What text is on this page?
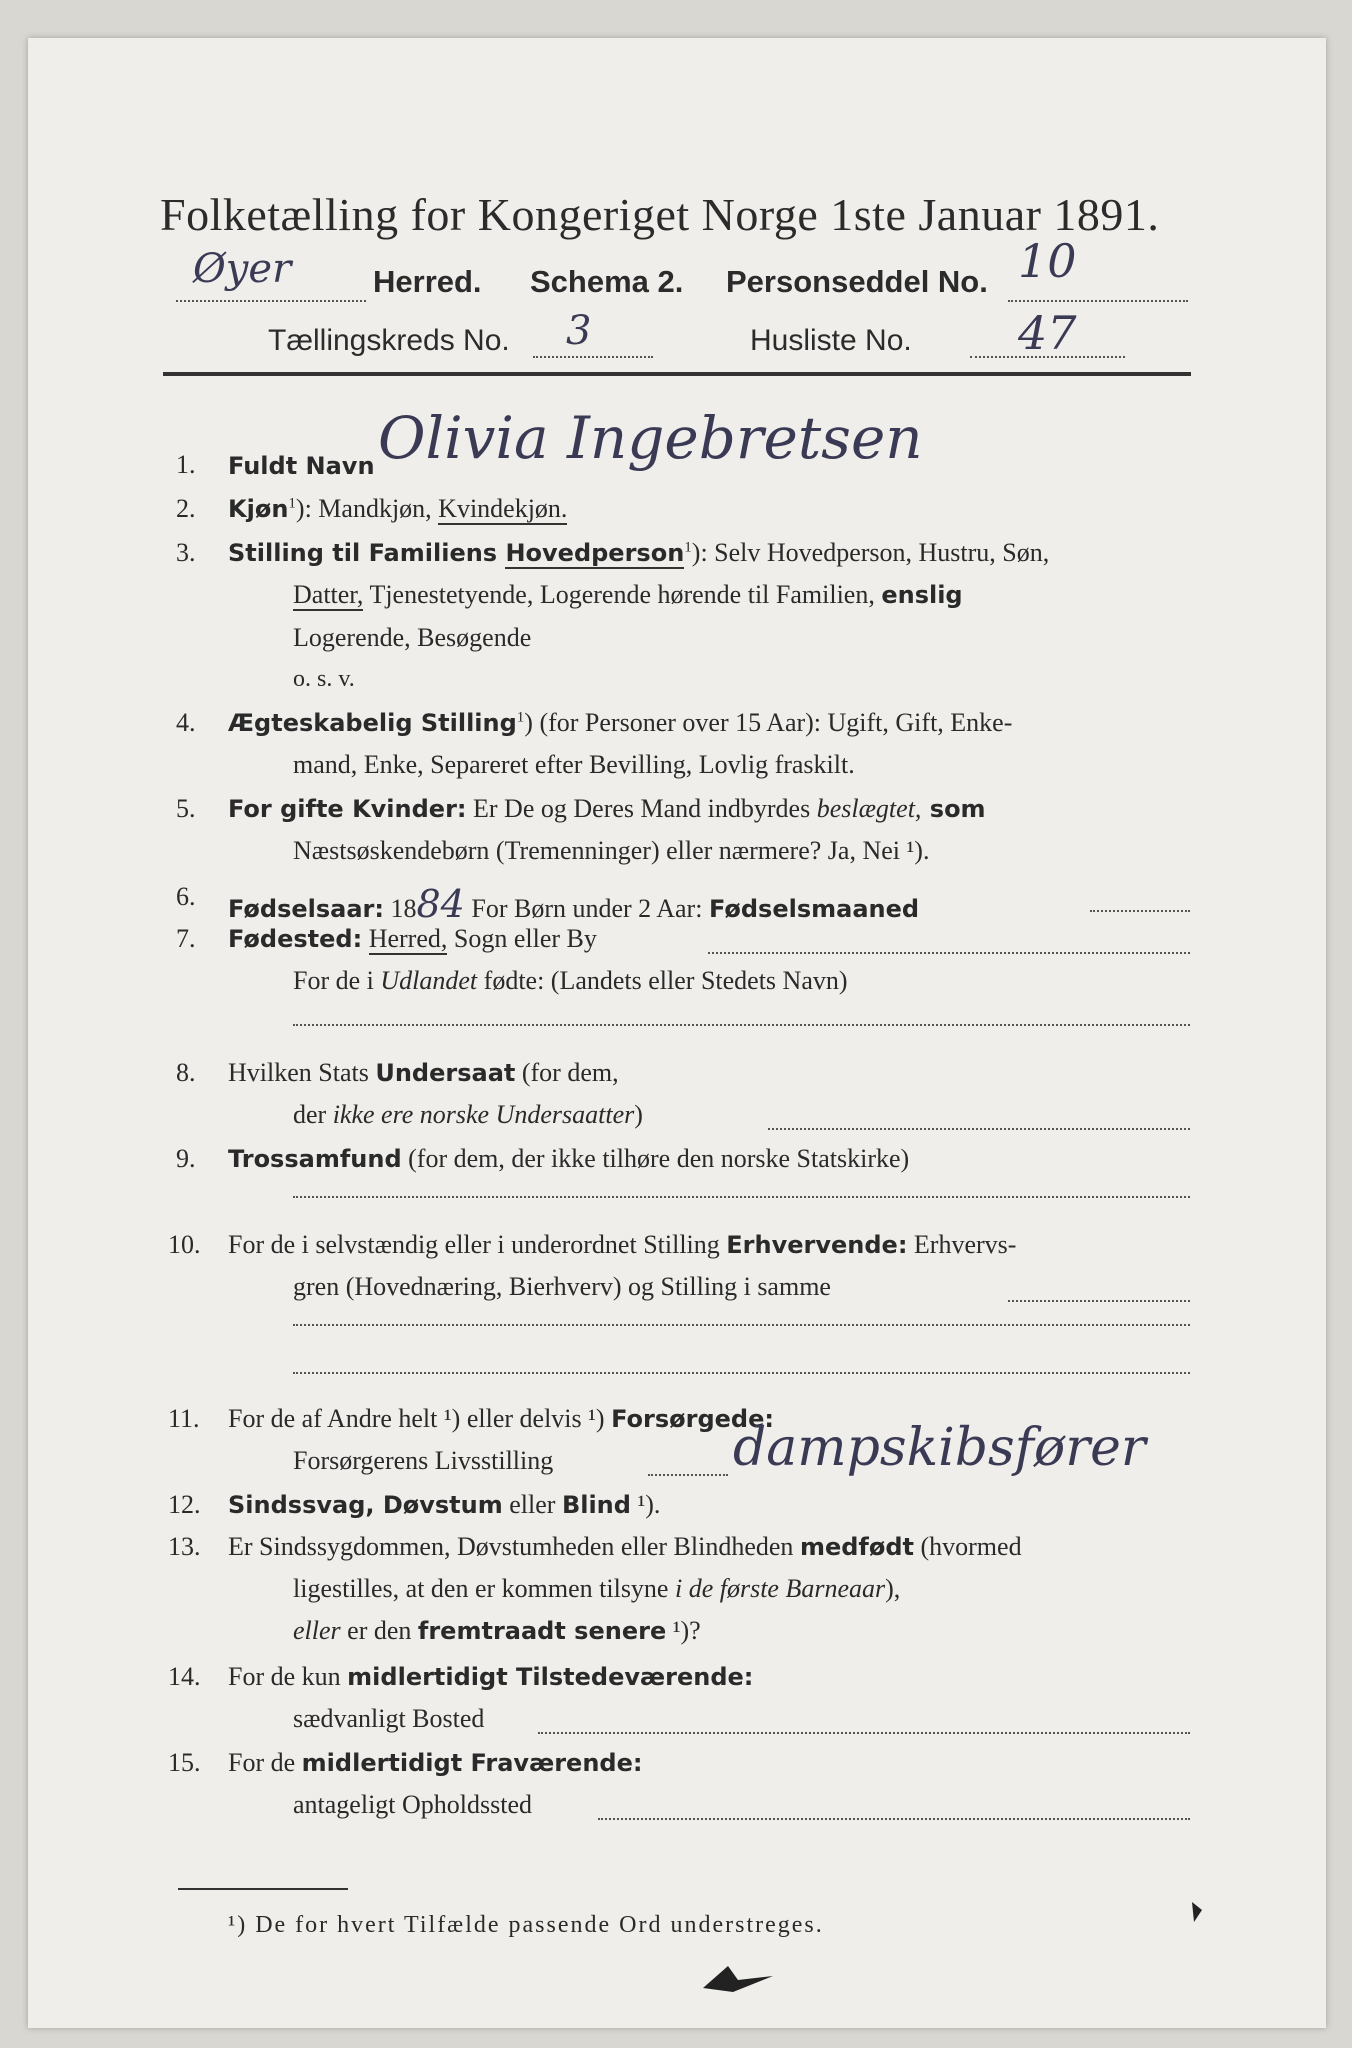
Folketælling for Kongeriget Norge 1ste Januar 1891.
Øyer	Herred. Schema 2. Personseddel No. 10
Tællingskreds No. 3	Husliste No. 47
1. Fuldt Navn Olivia Ingebretsen
2. Kjøn$^1$): Mandkjøn, Kvindekjøn.
3. Stilling til Familiens Hovedperson$^1$): Selv Hovedperson, Hustru, Søn,
Datter, Tjenestetyende, Logerende hørende til Familien, enslig
Logerende, Besøgende
o. s. v.
4. Ægteskabelig Stilling$^1$) (for Personer over 15 Aar): Ugift, Gift, Enke-
mand, Enke, Separeret efter Bevilling, Lovlig fraskilt.
5. For gifte Kvinder: Er De og Deres Mand indbyrdes beslægtet, som
Næstsøskendebørn (Tremenninger) eller nærmere? Ja, Nei ¹).
6. Fødselsaar: 1884 For Børn under 2 Aar: Fødselsmaaned
7. Fødested: Herred, Sogn eller By
For de i Udlandet fødte: (Landets eller Stedets Navn)
8. Hvilken Stats Undersaat (for dem,
der ikke ere norske Undersaatter)
9. Trossamfund (for dem, der ikke tilhøre den norske Statskirke)
10. For de i selvstændig eller i underordnet Stilling Erhvervende: Erhvervs-
gren (Hovednæring, Bierhverv) og Stilling i samme
11. For de af Andre helt ¹) eller delvis ¹) Forsørgede:
Forsørgerens Livsstilling	dampskibsfører
12. Sindssvag, Døvstum eller Blind ¹).
13. Er Sindssygdommen, Døvstumheden eller Blindheden medfødt (hvormed
ligestilles, at den er kommen tilsyne i de første Barneaar),
eller er den fremtraadt senere ¹)?
14. For de kun midlertidigt Tilstedeværende:
sædvanligt Bosted
15. For de midlertidigt Fraværende:
antageligt Opholdssted
¹) De for hvert Tilfælde passende Ord understreges.
